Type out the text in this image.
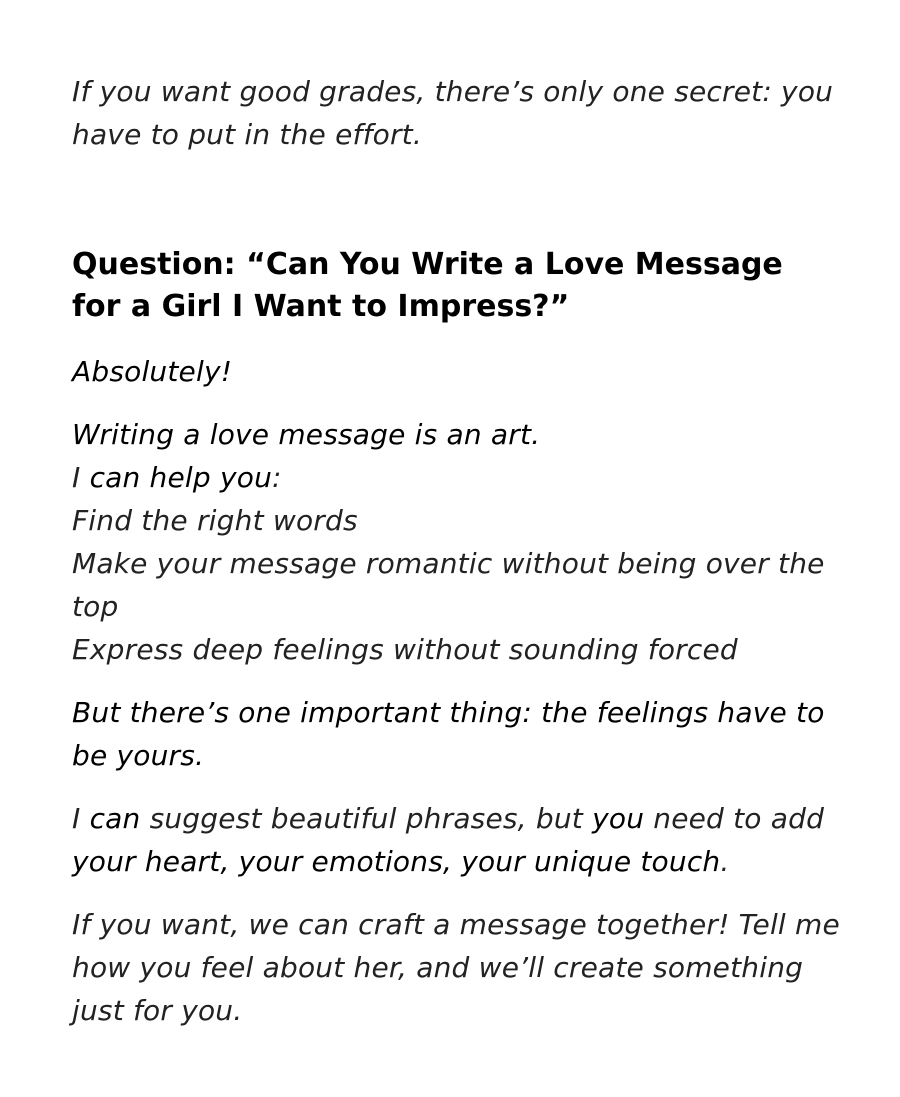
If you want good grades, there’s only one secret: you have to put in the effort.

Question: “Can You Write a Love Message
for a Girl I Want to Impress?”

Absolutely!

Writing a love message is an art.

I can help you:

Find the right words

Make your message romantic without being over the top

Express deep feelings without sounding forced

But there’s one important thing: the feelings have to be yours.

I can suggest beautiful phrases, but you need to add
your heart, your emotions, your unique touch.

If you want, we can craft a message together! Tell me how you feel about her, and we’ll create something just for you.
